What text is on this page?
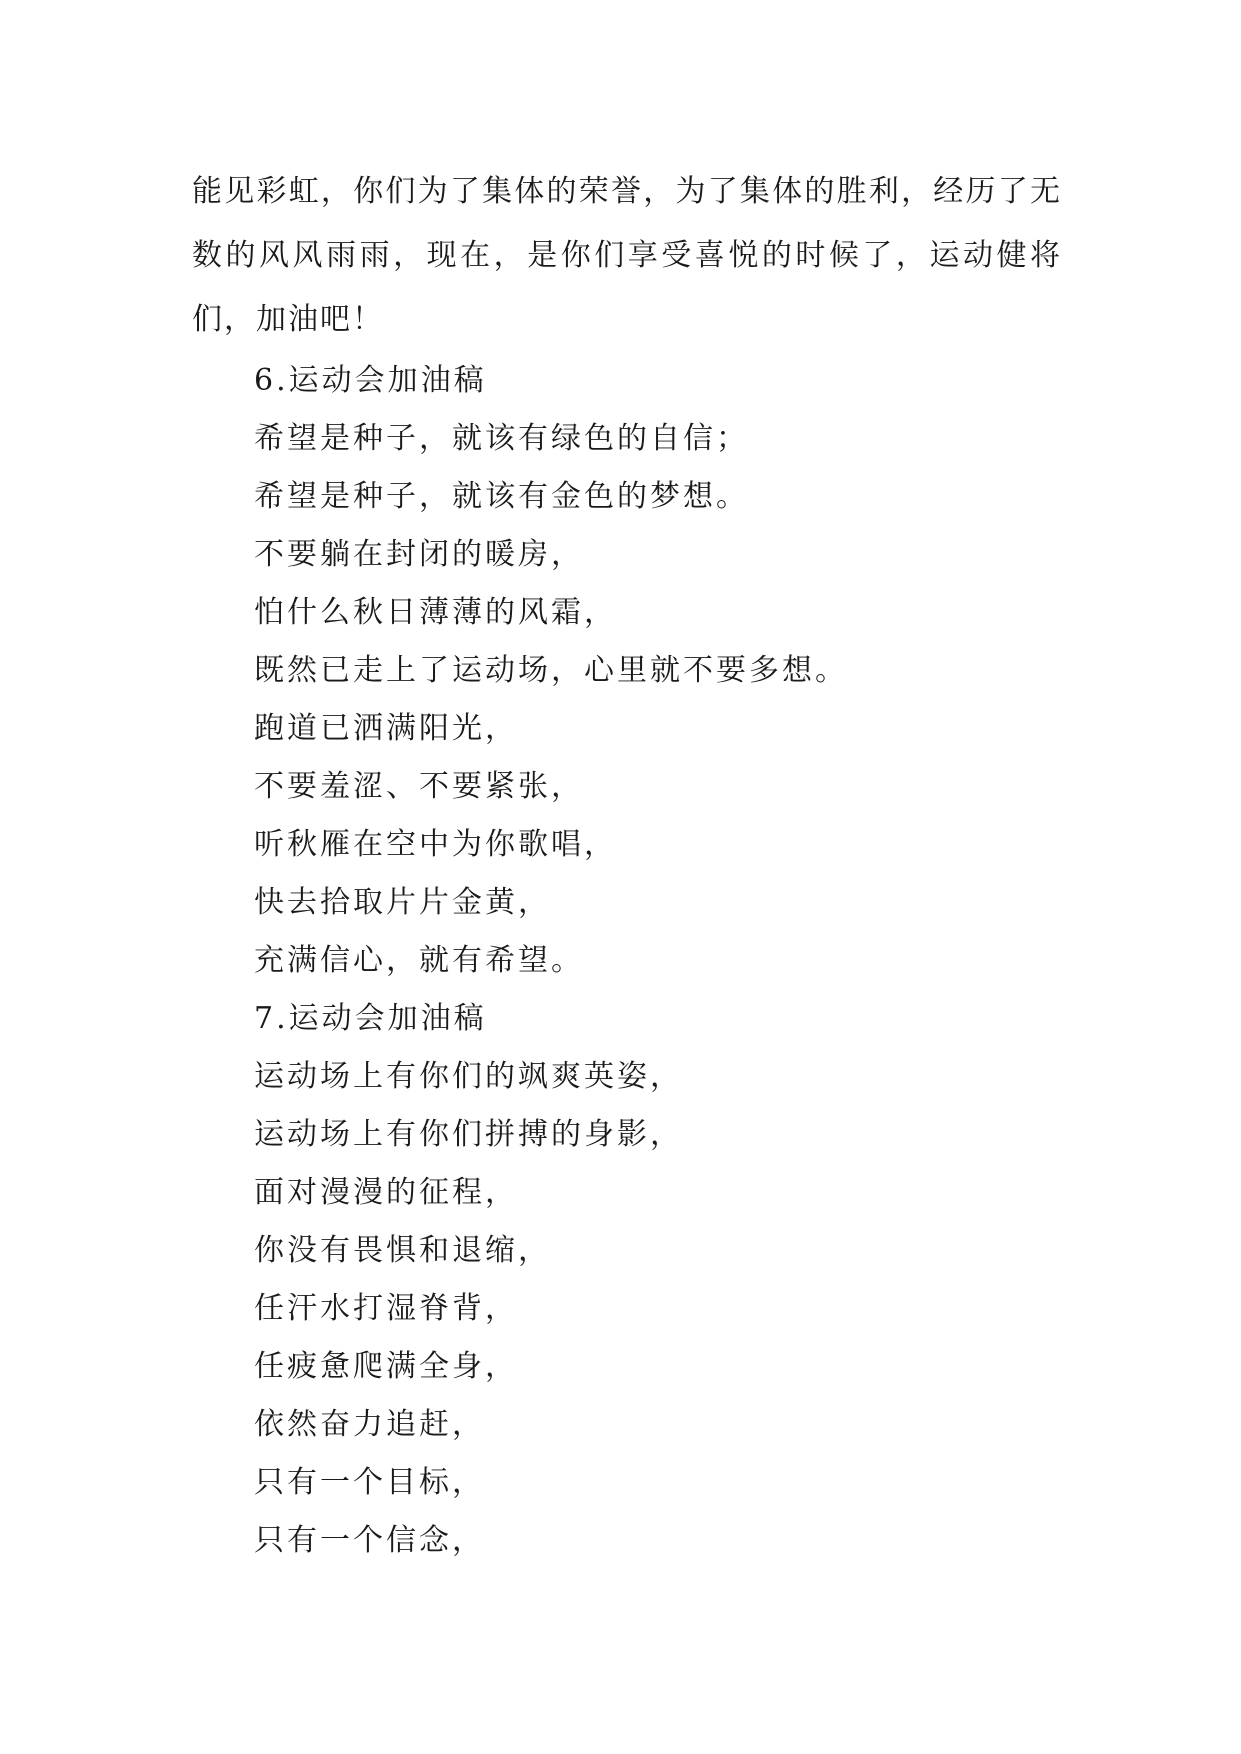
能见彩虹，你们为了集体的荣誉，为了集体的胜利，经历了无数的风风雨雨，现在，是你们享受喜悦的时候了，运动健将们，加油吧！

6.运动会加油稿

希望是种子，就该有绿色的自信；

希望是种子，就该有金色的梦想。

不要躺在封闭的暖房，

怕什么秋日薄薄的风霜，

既然已走上了运动场，心里就不要多想。

跑道已洒满阳光，

不要羞涩、不要紧张，

听秋雁在空中为你歌唱，

快去拾取片片金黄，

充满信心，就有希望。

7.运动会加油稿

运动场上有你们的飒爽英姿，

运动场上有你们拼搏的身影，

面对漫漫的征程，

你没有畏惧和退缩，

任汗水打湿脊背，

任疲惫爬满全身，

依然奋力追赶，

只有一个目标，

只有一个信念，
